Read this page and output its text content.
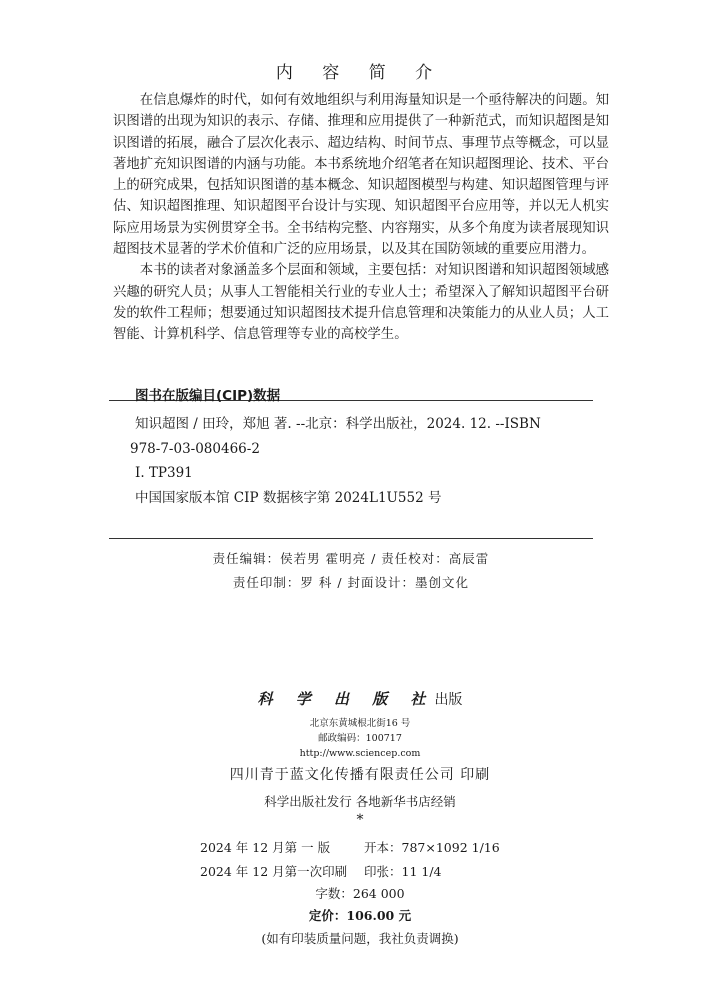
内 容 简 介

在信息爆炸的时代，如何有效地组织与利用海量知识是一个亟待解决的问题。知识图谱的出现为知识的表示、存储、推理和应用提供了一种新范式，而知识超图是知识图谱的拓展，融合了层次化表示、超边结构、时间节点、事理节点等概念，可以显著地扩充知识图谱的内涵与功能。本书系统地介绍笔者在知识超图理论、技术、平台上的研究成果，包括知识图谱的基本概念、知识超图模型与构建、知识超图管理与评估、知识超图推理、知识超图平台设计与实现、知识超图平台应用等，并以无人机实际应用场景为实例贯穿全书。全书结构完整、内容翔实，从多个角度为读者展现知识超图技术显著的学术价值和广泛的应用场景，以及其在国防领域的重要应用潜力。

本书的读者对象涵盖多个层面和领域，主要包括：对知识图谱和知识超图领域感兴趣的研究人员；从事人工智能相关行业的专业人士；希望深入了解知识超图平台研发的软件工程师；想要通过知识超图技术提升信息管理和决策能力的从业人员；人工智能、计算机科学、信息管理等专业的高校学生。

图书在版编目(CIP)数据
知识超图 / 田玲，郑旭 著. --北京：科学出版社，2024. 12. --ISBN
978-7-03-080466-2
Ⅰ. TP391
中国国家版本馆 CIP 数据核字第 2024L1U552 号
责任编辑：侯若男 霍明亮 / 责任校对：高辰雷
责任印制：罗 科 / 封面设计：墨创文化
科 学 出 版 社出版
北京东黄城根北街16 号
邮政编码：100717
http://www.sciencep.com
四川青于蓝文化传播有限责任公司 印刷
科学出版社发行 各地新华书店经销
*
2024 年 12 月第 一 版	开本：787×1092 1/16
2024 年 12 月第一次印刷 印张：11 1/4
字数：264 000
定价：106.00 元
(如有印装质量问题，我社负责调换)
